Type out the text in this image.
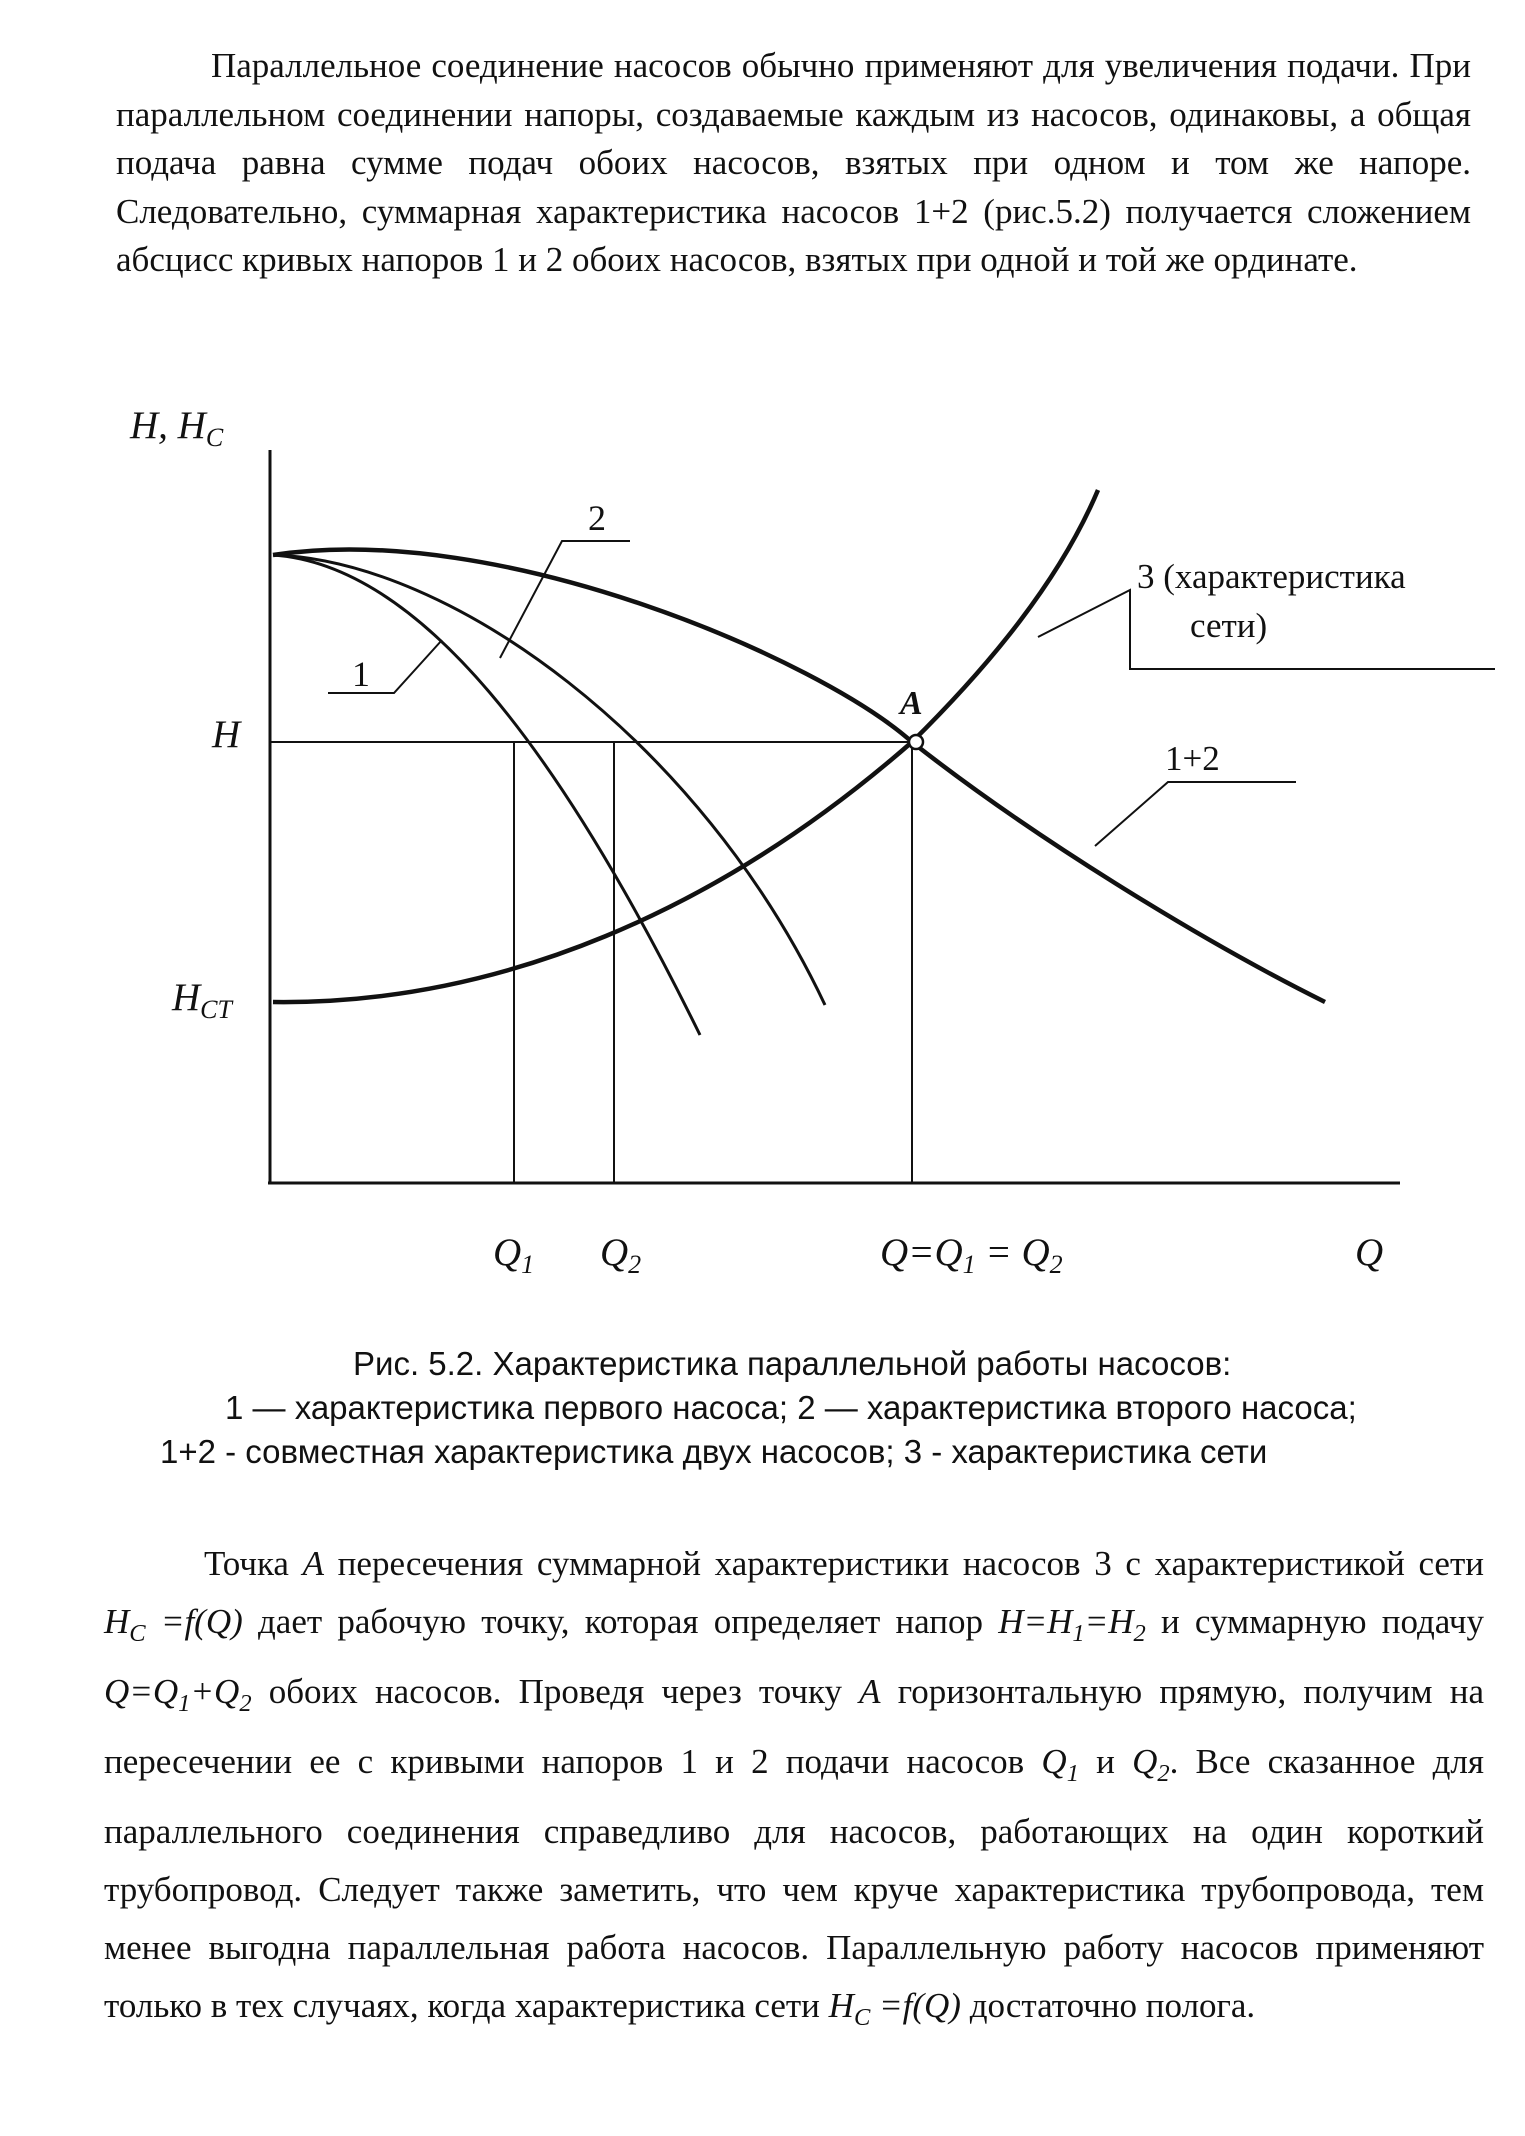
Параллельное соединение насосов обычно применяют для увеличения подачи. При параллельном соединении напоры, создаваемые каждым из насосов, одинаковы, а общая подача равна сумме подач обоих насосов, взятых при одном и том же напоре. Следовательно, суммарная характеристика насосов 1+2 (рис.5.2) получается сложением абсцисс кривых напоров 1 и 2 обоих насосов, взятых при одной и той же ординате.

H, $H_C$
H
$H_{CT}$
$Q_1$ $Q_2$	$Q=Q_1 = Q_2$	Q
A
1
2
3 (характеристика
сети)
1+2

Рис. 5.2. Характеристика параллельной работы насосов:

1 — характеристика первого насоса; 2 — характеристика второго насоса;

1+2 - совместная характеристика двух насосов; 3 - характеристика сети

Точка A пересечения суммарной характеристики насосов 3 с характеристикой сети $H_C =f(Q)$ дает рабочую точку, которая определяет напор $H=H_1=H_2$ и суммарную подачу $Q=Q_1+Q_2$ обоих насосов. Проведя через точку A горизонтальную прямую, получим на пересечении ее с кривыми напоров 1 и 2 подачи насосов $Q_1$ и $Q_2$. Все сказанное для параллельного соединения справедливо для насосов, работающих на один короткий трубопровод. Следует также заметить, что чем круче характеристика трубопровода, тем менее выгодна параллельная работа насосов. Параллельную работу насосов применяют только в тех случаях, когда характеристика сети $H_C =f(Q)$ достаточно полога.
